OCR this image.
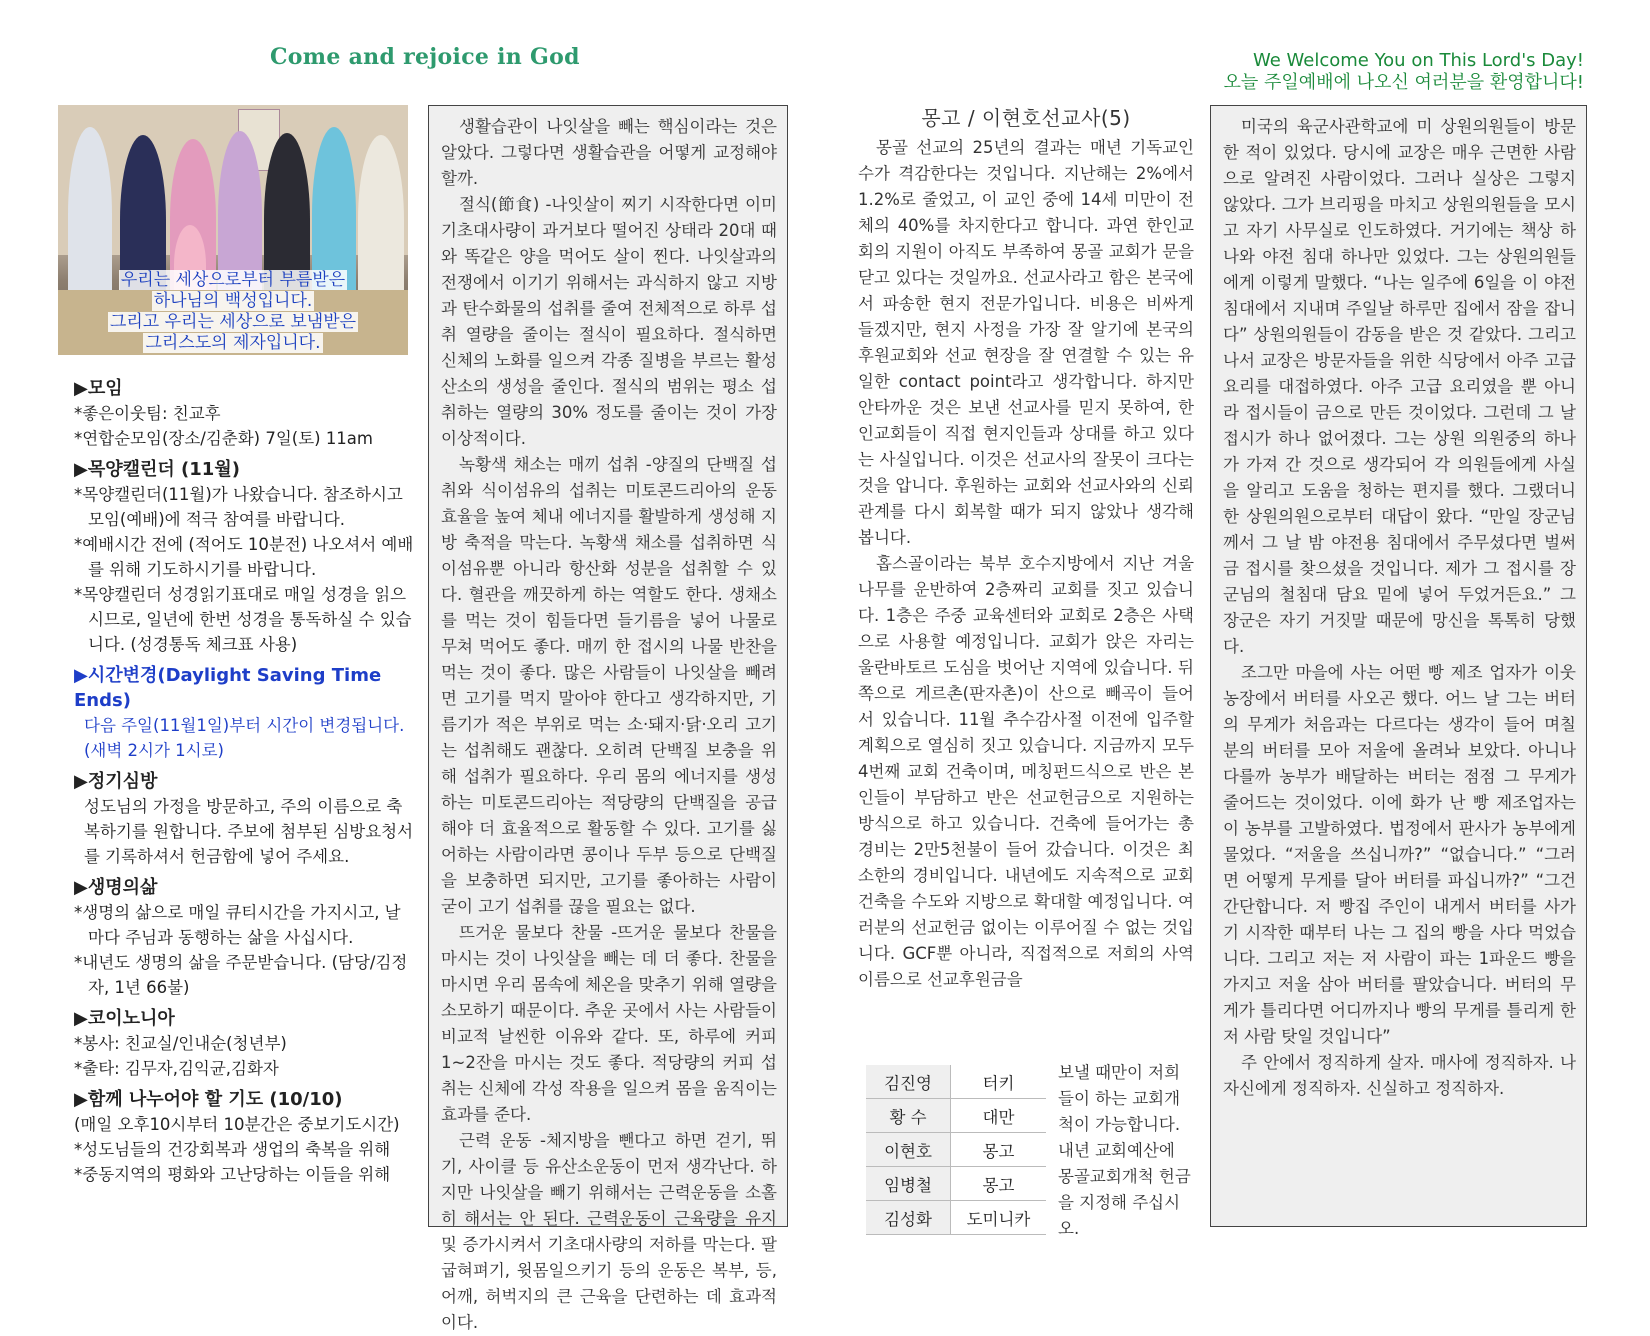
Come and rejoice in God	We Welcome You on This Lord's Day!
오늘 주일예배에 나오신 여러분을 환영합니다!
우리는 세상으로부터 부름받은
하나님의 백성입니다.
그리고 우리는 세상으로 보냄받은
그리스도의 제자입니다.
▶모임
*좋은이웃팀: 친교후
*연합순모임(장소/김춘화) 7일(토) 11am
▶목양캘린더 (11월)
*목양캘린더(11월)가 나왔습니다. 참조하시고 모임(예배)에 적극 참여를 바랍니다.
*예배시간 전에 (적어도 10분전) 나오셔서 예배를 위해 기도하시기를 바랍니다.
*목양캘린더 성경읽기표대로 매일 성경을 읽으시므로, 일년에 한번 성경을 통독하실 수 있습니다. (성경통독 체크표 사용)
▶시간변경(Daylight Saving Time Ends)
다음 주일(11월1일)부터 시간이 변경됩니다. (새벽 2시가 1시로)
▶정기심방
성도님의 가정을 방문하고, 주의 이름으로 축복하기를 원합니다. 주보에 첨부된 심방요청서를 기록하셔서 헌금함에 넣어 주세요.
▶생명의삶
*생명의 삶으로 매일 큐티시간을 가지시고, 날마다 주님과 동행하는 삶을 사십시다.
*내년도 생명의 삶을 주문받습니다. (담당/김정자, 1년 66불)
▶코이노니아
*봉사: 친교실/인내순(청년부)
*출타: 김무자,김익균,김화자
▶함께 나누어야 할 기도 (10/10)
(매일 오후10시부터 10분간은 중보기도시간)
*성도님들의 건강회복과 생업의 축복을 위해
*중동지역의 평화와 고난당하는 이들을 위해

생활습관이 나잇살을 빼는 핵심이라는 것은 알았다. 그렇다면 생활습관을 어떻게 교정해야 할까.

절식(節食) -나잇살이 찌기 시작한다면 이미 기초대사량이 과거보다 떨어진 상태라 20대 때와 똑같은 양을 먹어도 살이 찐다. 나잇살과의 전쟁에서 이기기 위해서는 과식하지 않고 지방과 탄수화물의 섭취를 줄여 전체적으로 하루 섭취 열량을 줄이는 절식이 필요하다. 절식하면 신체의 노화를 일으켜 각종 질병을 부르는 활성산소의 생성을 줄인다. 절식의 범위는 평소 섭취하는 열량의 30% 정도를 줄이는 것이 가장 이상적이다.

녹황색 채소는 매끼 섭취 -양질의 단백질 섭취와 식이섬유의 섭취는 미토콘드리아의 운동 효율을 높여 체내 에너지를 활발하게 생성해 지방 축적을 막는다. 녹황색 채소를 섭취하면 식이섬유뿐 아니라 항산화 성분을 섭취할 수 있다. 혈관을 깨끗하게 하는 역할도 한다. 생채소를 먹는 것이 힘들다면 들기름을 넣어 나물로 무쳐 먹어도 좋다. 매끼 한 접시의 나물 반찬을 먹는 것이 좋다. 많은 사람들이 나잇살을 빼려면 고기를 먹지 말아야 한다고 생각하지만, 기름기가 적은 부위로 먹는 소·돼지·닭·오리 고기는 섭취해도 괜찮다. 오히려 단백질 보충을 위해 섭취가 필요하다. 우리 몸의 에너지를 생성하는 미토콘드리아는 적당량의 단백질을 공급해야 더 효율적으로 활동할 수 있다. 고기를 싫어하는 사람이라면 콩이나 두부 등으로 단백질을 보충하면 되지만, 고기를 좋아하는 사람이 굳이 고기 섭취를 끊을 필요는 없다.

뜨거운 물보다 찬물 -뜨거운 물보다 찬물을 마시는 것이 나잇살을 빼는 데 더 좋다. 찬물을 마시면 우리 몸속에 체온을 맞추기 위해 열량을 소모하기 때문이다. 추운 곳에서 사는 사람들이 비교적 날씬한 이유와 같다. 또, 하루에 커피 1~2잔을 마시는 것도 좋다. 적당량의 커피 섭취는 신체에 각성 작용을 일으켜 몸을 움직이는 효과를 준다.

근력 운동 -체지방을 뺀다고 하면 걷기, 뛰기, 사이클 등 유산소운동이 먼저 생각난다. 하지만 나잇살을 빼기 위해서는 근력운동을 소홀히 해서는 안 된다. 근력운동이 근육량을 유지 및 증가시켜서 기초대사량의 저하를 막는다. 팔굽혀펴기, 윗몸일으키기 등의 운동은 복부, 등, 어깨, 허벅지의 큰 근육을 단련하는 데 효과적이다.

몽고 / 이현호선교사(5)

몽골 선교의 25년의 결과는 매년 기독교인 수가 격감한다는 것입니다. 지난해는 2%에서 1.2%로 줄었고, 이 교인 중에 14세 미만이 전체의 40%를 차지한다고 합니다. 과연 한인교회의 지원이 아직도 부족하여 몽골 교회가 문을 닫고 있다는 것일까요. 선교사라고 함은 본국에서 파송한 현지 전문가입니다. 비용은 비싸게 들겠지만, 현지 사정을 가장 잘 알기에 본국의 후원교회와 선교 현장을 잘 연결할 수 있는 유일한 contact point라고 생각합니다. 하지만 안타까운 것은 보낸 선교사를 믿지 못하여, 한인교회들이 직접 현지인들과 상대를 하고 있다는 사실입니다. 이것은 선교사의 잘못이 크다는 것을 압니다. 후원하는 교회와 선교사와의 신뢰 관계를 다시 회복할 때가 되지 않았나 생각해 봅니다.

홉스골이라는 북부 호수지방에서 지난 겨울 나무를 운반하여 2층짜리 교회를 짓고 있습니다. 1층은 주중 교육센터와 교회로 2층은 사택으로 사용할 예정입니다. 교회가 앉은 자리는 울란바토르 도심을 벗어난 지역에 있습니다. 뒤쪽으로 게르촌(판자촌)이 산으로 빼곡이 들어 서 있습니다. 11월 추수감사절 이전에 입주할 계획으로 열심히 짓고 있습니다. 지금까지 모두 4번째 교회 건축이며, 메칭펀드식으로 반은 본인들이 부담하고 반은 선교헌금으로 지원하는 방식으로 하고 있습니다. 건축에 들어가는 총 경비는 2만5천불이 들어 갔습니다. 이것은 최소한의 경비입니다. 내년에도 지속적으로 교회 건축을 수도와 지방으로 확대할 예정입니다. 여러분의 선교헌금 없이는 이루어질 수 없는 것입니다. GCF뿐 아니라, 직접적으로 저희의 사역 이름으로 선교후원금을

김진영	터키
황 수	대만
이현호	몽고
임병철	몽고
김성화	도미니카
보낼 때만이 저희들이 하는 교회개척이 가능합니다. 내년 교회예산에 몽골교회개척 헌금을 지정해 주십시오.

미국의 육군사관학교에 미 상원의원들이 방문한 적이 있었다. 당시에 교장은 매우 근면한 사람으로 알려진 사람이었다. 그러나 실상은 그렇지 않았다. 그가 브리핑을 마치고 상원의원들을 모시고 자기 사무실로 인도하였다. 거기에는 책상 하나와 야전 침대 하나만 있었다. 그는 상원의원들에게 이렇게 말했다. “나는 일주에 6일을 이 야전 침대에서 지내며 주일날 하루만 집에서 잠을 잡니다” 상원의원들이 감동을 받은 것 같았다. 그리고 나서 교장은 방문자들을 위한 식당에서 아주 고급 요리를 대접하였다. 아주 고급 요리였을 뿐 아니라 접시들이 금으로 만든 것이었다. 그런데 그 날 접시가 하나 없어졌다. 그는 상원 의원중의 하나가 가져 간 것으로 생각되어 각 의원들에게 사실을 알리고 도움을 청하는 편지를 했다. 그랬더니 한 상원의원으로부터 대답이 왔다. “만일 장군님께서 그 날 밤 야전용 침대에서 주무셨다면 벌써 금 접시를 찾으셨을 것입니다. 제가 그 접시를 장군님의 철침대 담요 밑에 넣어 두었거든요.” 그 장군은 자기 거짓말 때문에 망신을 톡톡히 당했다.

조그만 마을에 사는 어떤 빵 제조 업자가 이웃 농장에서 버터를 사오곤 했다. 어느 날 그는 버터의 무게가 처음과는 다르다는 생각이 들어 며칠 분의 버터를 모아 저울에 올려놔 보았다. 아니나 다를까 농부가 배달하는 버터는 점점 그 무게가 줄어드는 것이었다. 이에 화가 난 빵 제조업자는 이 농부를 고발하였다. 법정에서 판사가 농부에게 물었다. “저울을 쓰십니까?” “없습니다.” “그러면 어떻게 무게를 달아 버터를 파십니까?” “그건 간단합니다. 저 빵집 주인이 내게서 버터를 사가기 시작한 때부터 나는 그 집의 빵을 사다 먹었습니다. 그리고 저는 저 사람이 파는 1파운드 빵을 가지고 저울 삼아 버터를 팔았습니다. 버터의 무게가 틀리다면 어디까지나 빵의 무게를 틀리게 한 저 사람 탓일 것입니다”

주 안에서 정직하게 살자. 매사에 정직하자. 나 자신에게 정직하자. 신실하고 정직하자.
